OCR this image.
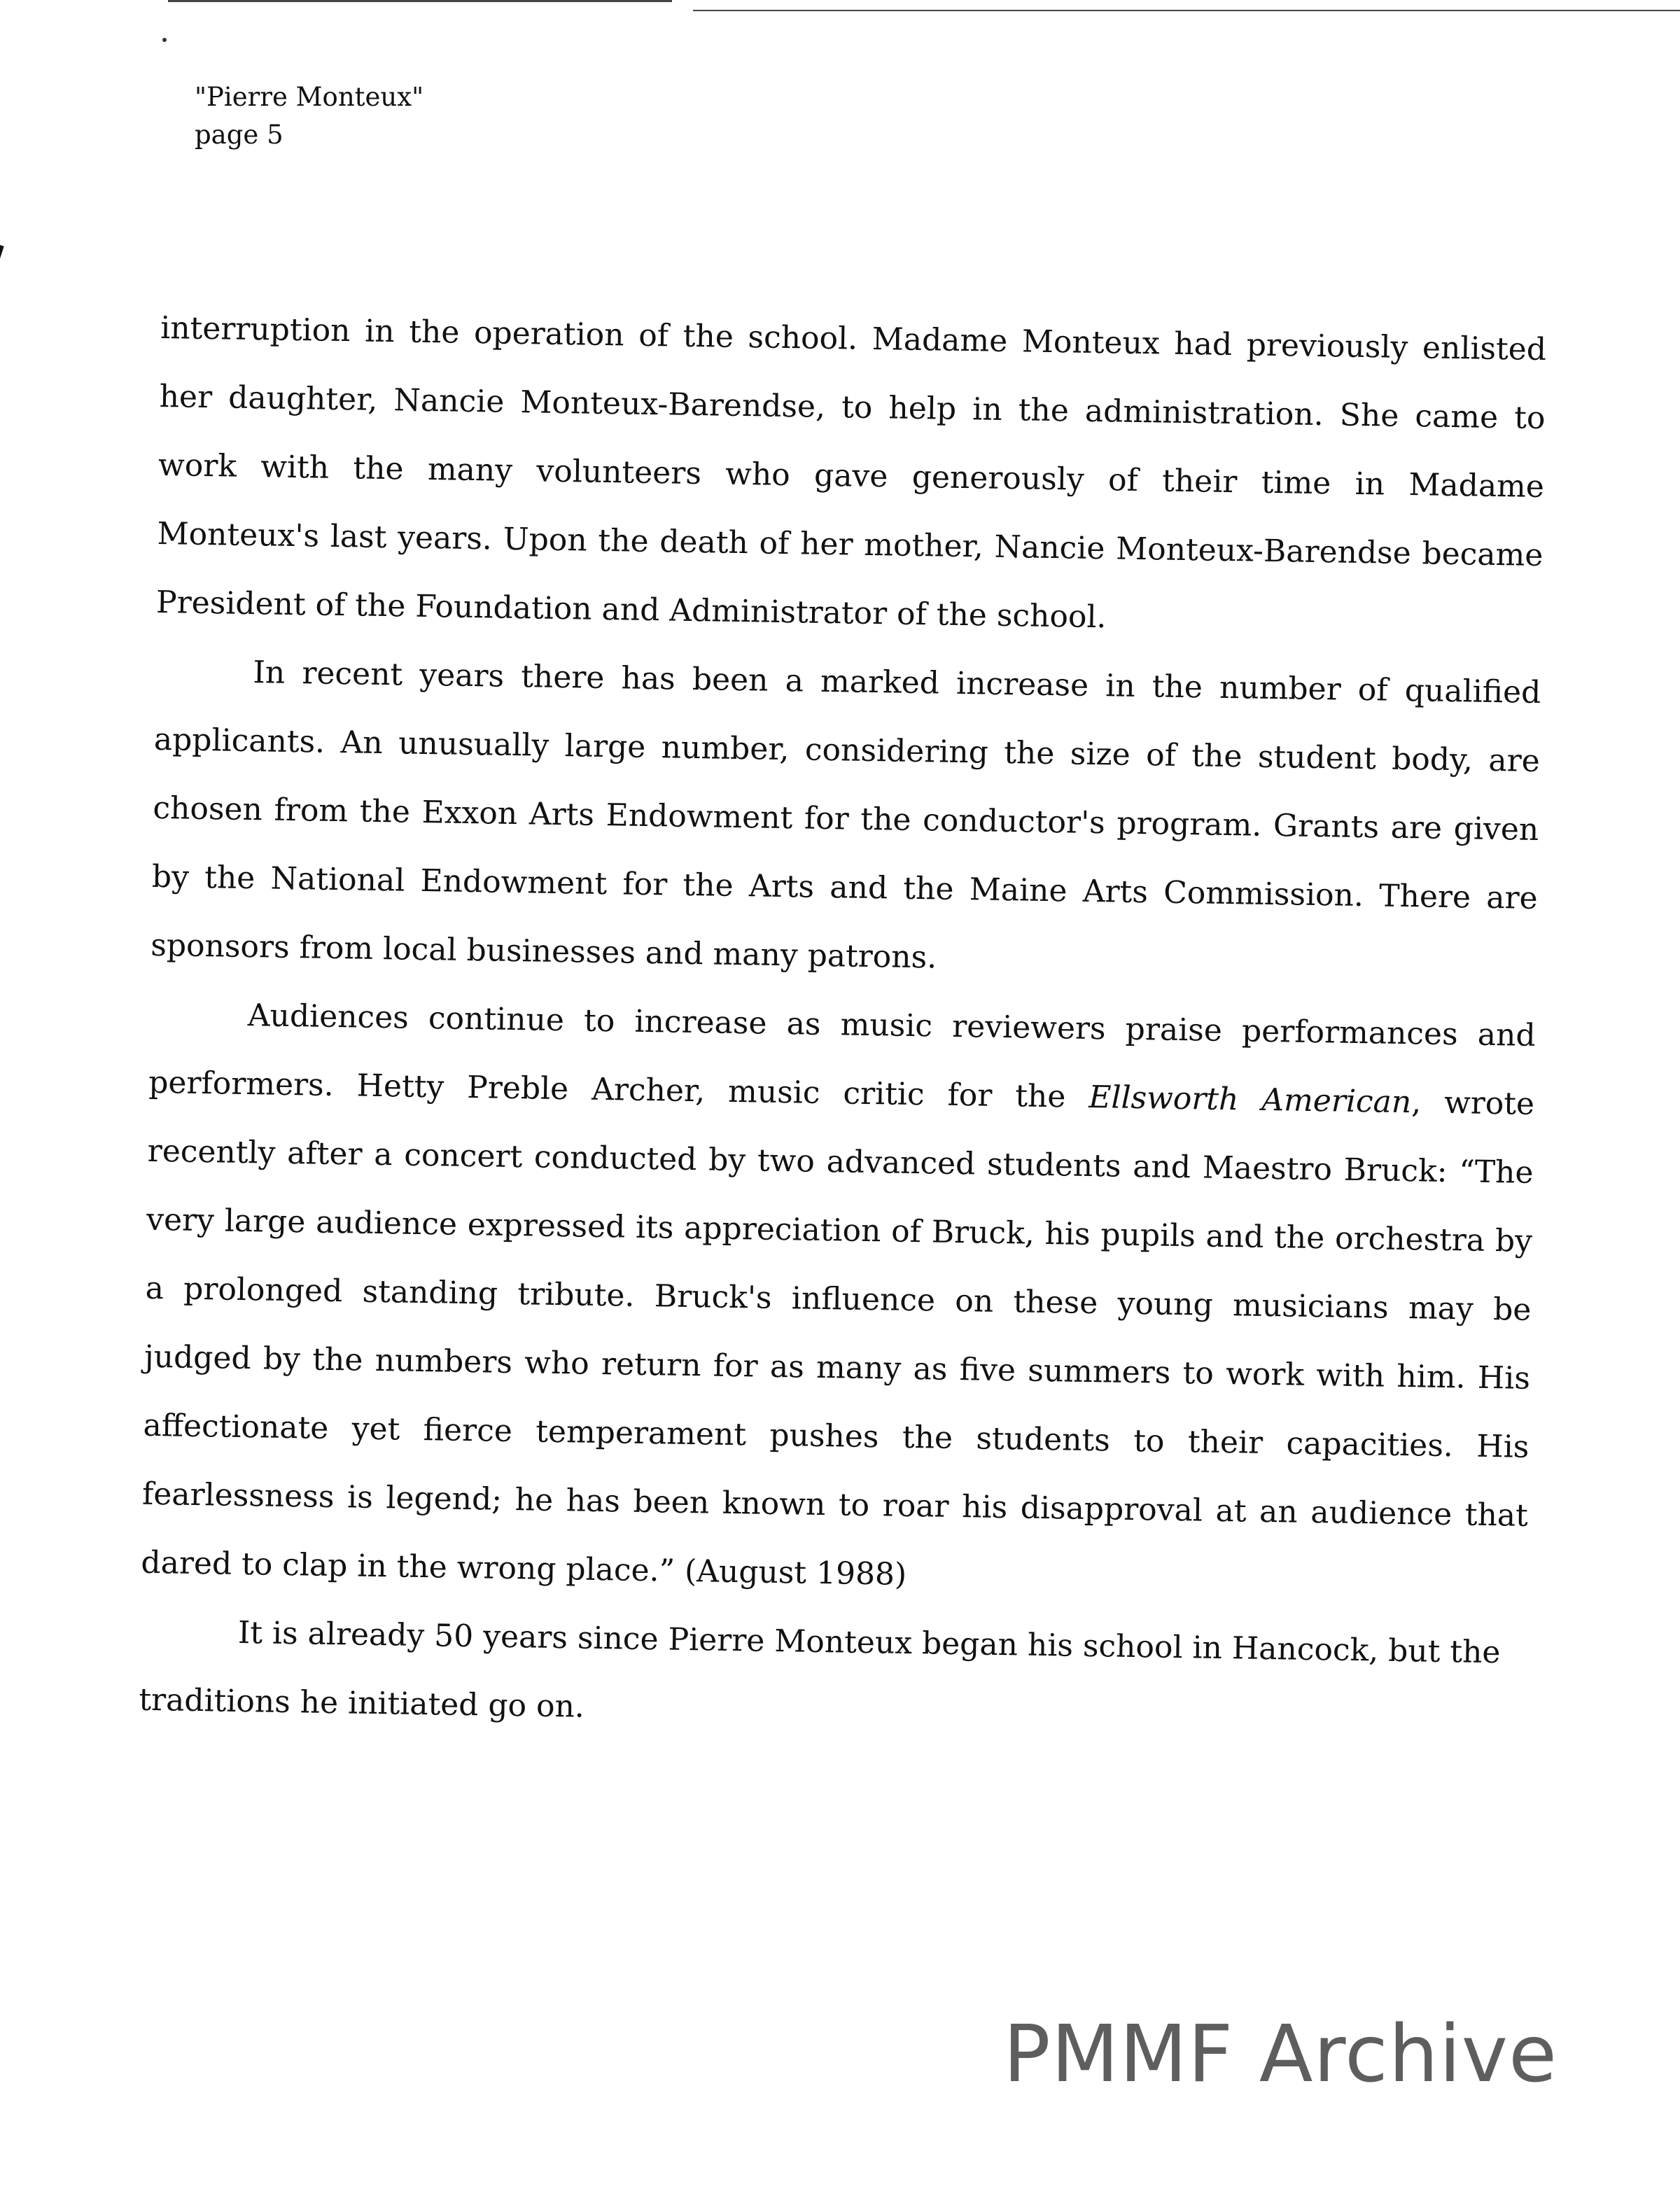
"Pierre Monteux"
page 5

interruption in the operation of the school. Madame Monteux had previously enlisted her daughter, Nancie Monteux-Barendse, to help in the administration. She came to work with the many volunteers who gave generously of their time in Madame Monteux's last years. Upon the death of her mother, Nancie Monteux-Barendse became President of the Foundation and Administrator of the school.

In recent years there has been a marked increase in the number of qualified applicants. An unusually large number, considering the size of the student body, are chosen from the Exxon Arts Endowment for the conductor's program. Grants are given by the National Endowment for the Arts and the Maine Arts Commission. There are sponsors from local businesses and many patrons.

Audiences continue to increase as music reviewers praise performances and performers. Hetty Preble Archer, music critic for the Ellsworth American, wrote recently after a concert conducted by two advanced students and Maestro Bruck: “The very large audience expressed its appreciation of Bruck, his pupils and the orchestra by a prolonged standing tribute. Bruck's influence on these young musicians may be judged by the numbers who return for as many as five summers to work with him. His affectionate yet fierce temperament pushes the students to their capacities. His fearlessness is legend; he has been known to roar his disapproval at an audience that dared to clap in the wrong place.” (August 1988)

It is already 50 years since Pierre Monteux began his school in Hancock, but the traditions he initiated go on.

PMMF Archive
